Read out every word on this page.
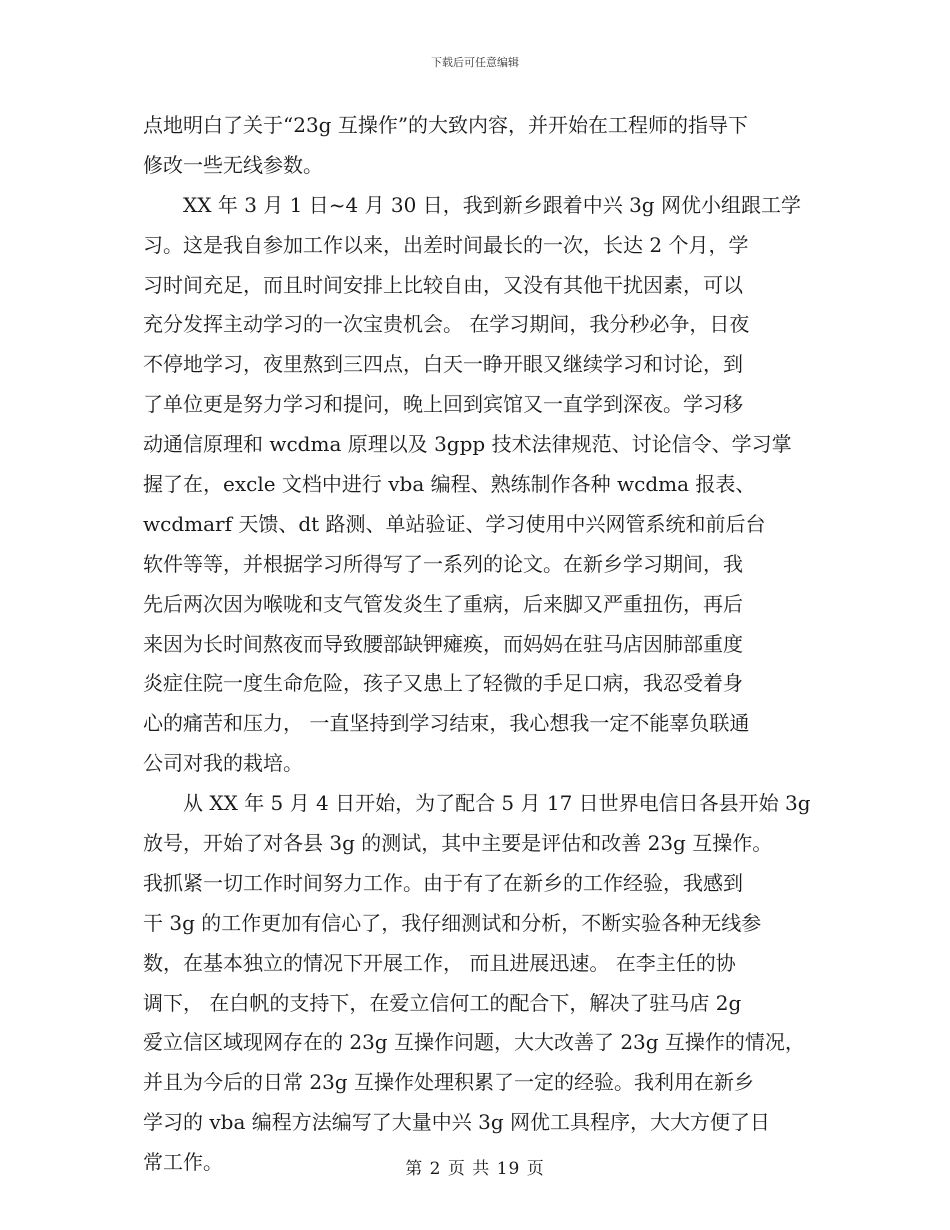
下载后可任意编辑
点地明白了关于“23g 互操作”的大致内容，并开始在工程师的指导下
修改一些无线参数。
XX 年 3 月 1 日~4 月 30 日，我到新乡跟着中兴 3g 网优小组跟工学
习。这是我自参加工作以来，出差时间最长的一次，长达 2 个月，学
习时间充足，而且时间安排上比较自由，又没有其他干扰因素，可以
充分发挥主动学习的一次宝贵机会。 在学习期间，我分秒必争，日夜
不停地学习，夜里熬到三四点，白天一睁开眼又继续学习和讨论，到
了单位更是努力学习和提问，晚上回到宾馆又一直学到深夜。学习移
动通信原理和 wcdma 原理以及 3gpp 技术法律规范、讨论信令、学习掌
握了在，excle 文档中进行 vba 编程、熟练制作各种 wcdma 报表、
wcdmarf 天馈、dt 路测、单站验证、学习使用中兴网管系统和前后台
软件等等，并根据学习所得写了一系列的论文。在新乡学习期间，我
先后两次因为喉咙和支气管发炎生了重病，后来脚又严重扭伤，再后
来因为长时间熬夜而导致腰部缺钾瘫痪，而妈妈在驻马店因肺部重度
炎症住院一度生命危险，孩子又患上了轻微的手足口病，我忍受着身
心的痛苦和压力， 一直坚持到学习结束，我心想我一定不能辜负联通
公司对我的栽培。
从 XX 年 5 月 4 日开始，为了配合 5 月 17 日世界电信日各县开始 3g
放号，开始了对各县 3g 的测试，其中主要是评估和改善 23g 互操作。
我抓紧一切工作时间努力工作。由于有了在新乡的工作经验，我感到
干 3g 的工作更加有信心了，我仔细测试和分析，不断实验各种无线参
数，在基本独立的情况下开展工作， 而且进展迅速。 在李主任的协
调下， 在白帆的支持下，在爱立信何工的配合下，解决了驻马店 2g
爱立信区域现网存在的 23g 互操作问题，大大改善了 23g 互操作的情况，
并且为今后的日常 23g 互操作处理积累了一定的经验。我利用在新乡
学习的 vba 编程方法编写了大量中兴 3g 网优工具程序，大大方便了日
常工作。	第 2 页 共 19 页
